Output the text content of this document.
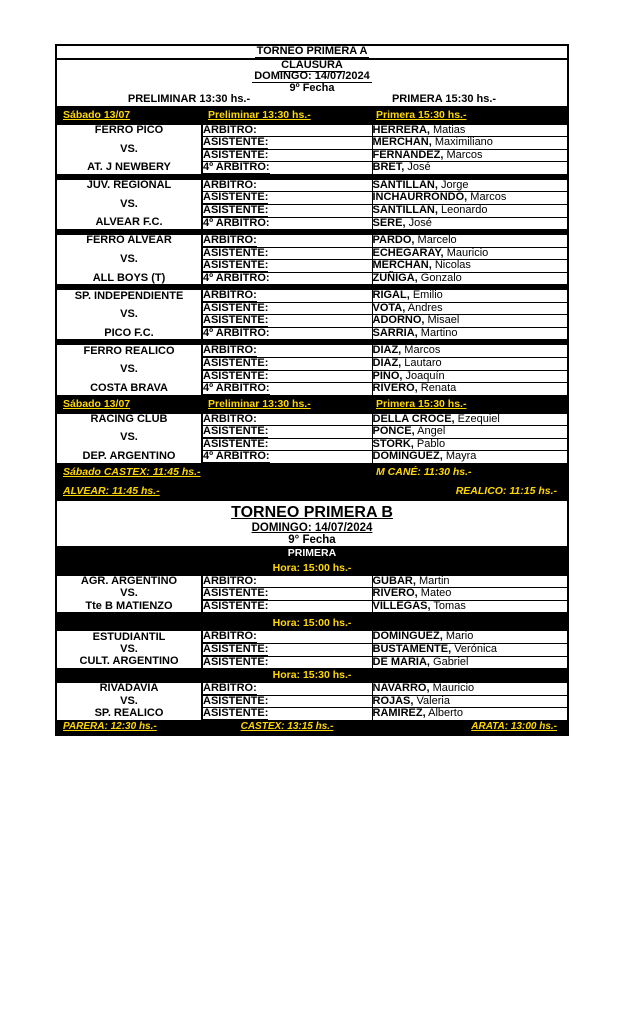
TORNEO PRIMERA A		
CLAUSURA		
DOMINGO: 14/07/2024		
9º Fecha		

PRELIMINAR 13:30 hs.- PRIMERA 15:30 hs.-		

Sábado 13/07	Preliminar 13:30 hs.-	Primera 15:30 hs.-
FERRO PICO	ARBITRO:	HERRERA, Matias
VS.	ASISTENTE:	MERCHAN, Maximiliano
	ASISTENTE:	FERNANDEZ, Marcos
AT. J NEWBERY	4º ARBITRO:	BRET, José

JUV. REGIONAL	ARBITRO:	SANTILLAN, Jorge
VS.	ASISTENTE:	INCHAURRONDO, Marcos
	ASISTENTE:	SANTILLAN, Leonardo
ALVEAR F.C.	4º ARBITRO:	SERE, José

FERRO ALVEAR	ARBITRO:	PARDO, Marcelo
VS.	ASISTENTE:	ECHEGARAY, Mauricio
	ASISTENTE:	MERCHAN, Nicolas
ALL BOYS (T)	4º ARBITRO:	ZUÑIGA, Gonzalo

SP. INDEPENDIENTE	ARBITRO:	RIGAL, Emilio
VS.	ASISTENTE:	VOTA, Andres
	ASISTENTE:	ADORNO, Misael
PICO F.C.	4º ARBITRO:	SARRIA, Martino

FERRO REALICO	ARBITRO:	DIAZ, Marcos
VS.	ASISTENTE:	DIAZ, Lautaro
	ASISTENTE:	PINO, Joaquín
COSTA BRAVA	4º ARBITRO:	RIVERO, Renata
Sábado 13/07	Preliminar 13:30 hs.-	Primera 15:30 hs.-
RACING CLUB	ARBITRO:	DELLA CROCE, Ezequiel
VS.	ASISTENTE:	PONCE, Angel
	ASISTENTE:	STORK, Pablo
DEP. ARGENTINO	4º ARBITRO:	DOMINGUEZ, Mayra
Sábado CASTEX: 11:45 hs.-		M CANÉ: 11:30 hs.-
ALVEAR: 11:45 hs.-		REALICO: 11:15 hs.-
TORNEO PRIMERA B		
DOMINGO: 14/07/2024		
9° Fecha		
PRIMERA		
Hora: 15:00 hs.-		
AGR. ARGENTINO	ARBITRO:	GUBAR, Martin
VS.	ASISTENTE:	RIVERO, Mateo
Tte B MATIENZO	ASISTENTE:	VILLEGAS, Tomas

Hora: 15:00 hs.-		
ESTUDIANTIL	ARBITRO:	DOMINGUEZ, Mario
VS.	ASISTENTE:	BUSTAMENTE, Verónica
CULT. ARGENTINO	ASISTENTE:	DE MARIA, Gabriel
Hora: 15:30 hs.-		
RIVADAVIA	ARBITRO:	NAVARRO, Mauricio
VS.	ASISTENTE:	ROJAS, Valeria
SP. REALICO	ASISTENTE:	RAMIREZ, Alberto
PARERA: 12:30 hs.-	CASTEX: 13:15 hs.-	ARATA: 13:00 hs.-
